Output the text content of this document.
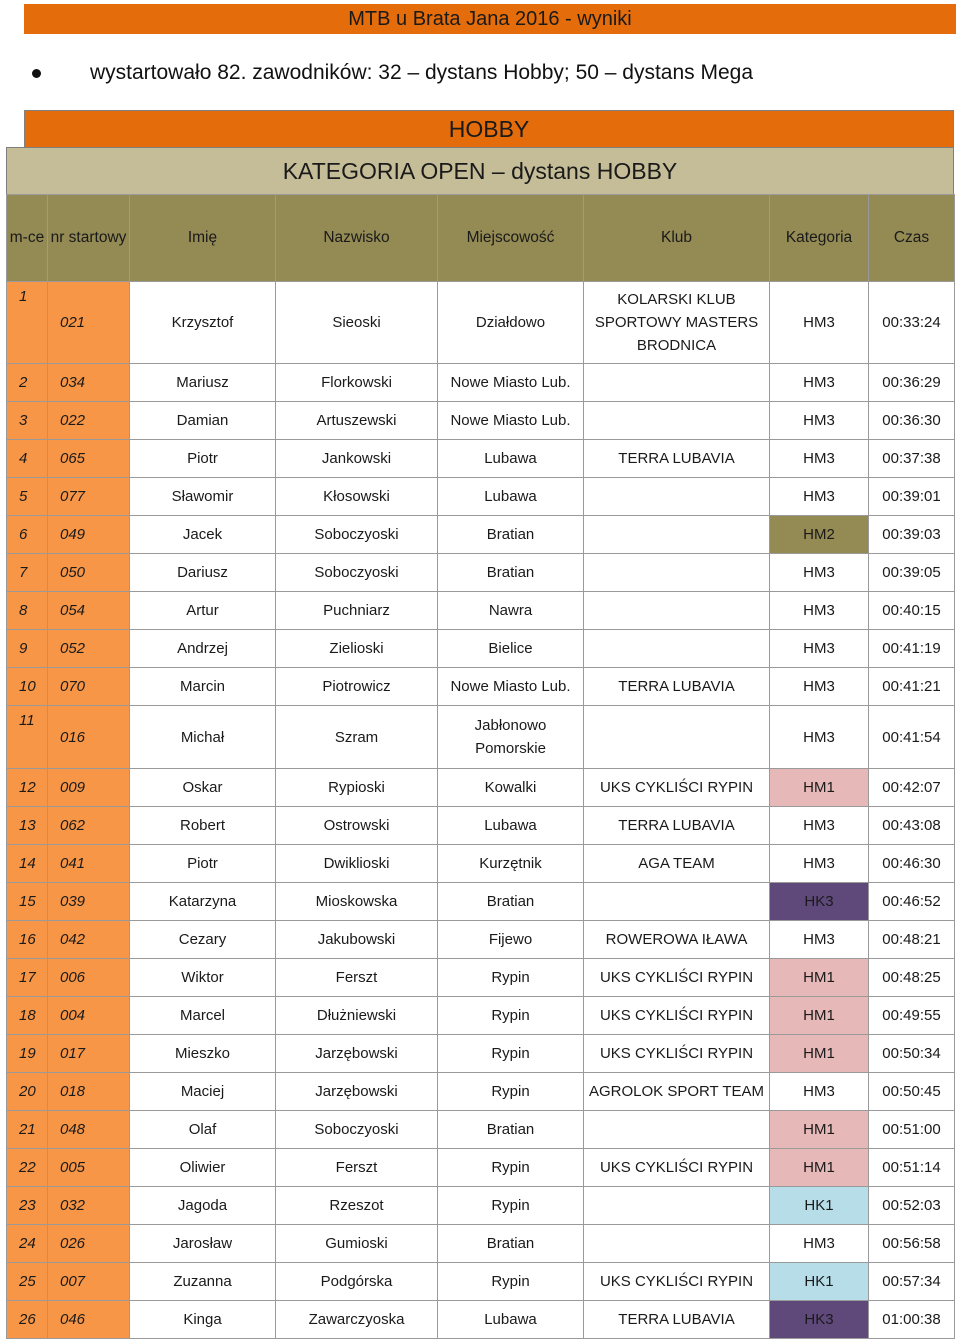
MTB u Brata Jana 2016 - wyniki
wystartowało 82. zawodników: 32 – dystans Hobby; 50 – dystans Mega
HOBBY
KATEGORIA OPEN – dystans HOBBY
m-ce	nr startowy	Imię	Nazwisko	Miejscowość	Klub	Kategoria	Czas
1	021	Krzysztof	Sieoski	Działdowo	KOLARSKI KLUB SPORTOWY MASTERS BRODNICA	HM3	00:33:24
2	034	Mariusz	Florkowski	Nowe Miasto Lub.		HM3	00:36:29
3	022	Damian	Artuszewski	Nowe Miasto Lub.		HM3	00:36:30
4	065	Piotr	Jankowski	Lubawa	TERRA LUBAVIA	HM3	00:37:38
5	077	Sławomir	Kłosowski	Lubawa		HM3	00:39:01
6	049	Jacek	Soboczyoski	Bratian		HM2	00:39:03
7	050	Dariusz	Soboczyoski	Bratian		HM3	00:39:05
8	054	Artur	Puchniarz	Nawra		HM3	00:40:15
9	052	Andrzej	Zielioski	Bielice		HM3	00:41:19
10	070	Marcin	Piotrowicz	Nowe Miasto Lub.	TERRA LUBAVIA	HM3	00:41:21
11	016	Michał	Szram	Jabłonowo Pomorskie		HM3	00:41:54
12	009	Oskar	Rypioski	Kowalki	UKS CYKLIŚCI RYPIN	HM1	00:42:07
13	062	Robert	Ostrowski	Lubawa	TERRA LUBAVIA	HM3	00:43:08
14	041	Piotr	Dwiklioski	Kurzętnik	AGA TEAM	HM3	00:46:30
15	039	Katarzyna	Mioskowska	Bratian		HK3	00:46:52
16	042	Cezary	Jakubowski	Fijewo	ROWEROWA IŁAWA	HM3	00:48:21
17	006	Wiktor	Ferszt	Rypin	UKS CYKLIŚCI RYPIN	HM1	00:48:25
18	004	Marcel	Dłużniewski	Rypin	UKS CYKLIŚCI RYPIN	HM1	00:49:55
19	017	Mieszko	Jarzębowski	Rypin	UKS CYKLIŚCI RYPIN	HM1	00:50:34
20	018	Maciej	Jarzębowski	Rypin	AGROLOK SPORT TEAM	HM3	00:50:45
21	048	Olaf	Soboczyoski	Bratian		HM1	00:51:00
22	005	Oliwier	Ferszt	Rypin	UKS CYKLIŚCI RYPIN	HM1	00:51:14
23	032	Jagoda	Rzeszot	Rypin		HK1	00:52:03
24	026	Jarosław	Gumioski	Bratian		HM3	00:56:58
25	007	Zuzanna	Podgórska	Rypin	UKS CYKLIŚCI RYPIN	HK1	00:57:34
26	046	Kinga	Zawarczyoska	Lubawa	TERRA LUBAVIA	HK3	01:00:38
